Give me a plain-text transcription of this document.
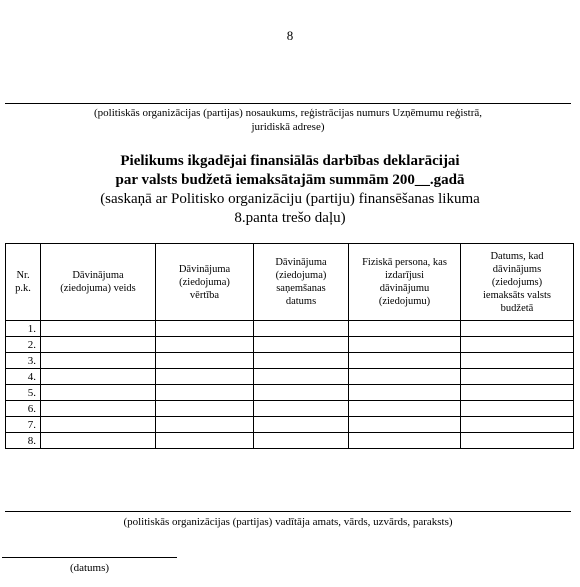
8
(politiskās organizācijas (partijas) nosaukums, reģistrācijas numurs Uzņēmumu reģistrā,
juridiskā adrese)
Pielikums ikgadējai finansiālās darbības deklarācijai
par valsts budžetā iemaksātajām summām 200__.gadā
(saskaņā ar Politisko organizāciju (partiju) finansēšanas likuma
8.panta trešo daļu)
Nr. p.k.	Dāvinājuma (ziedojuma) veids	Dāvinājuma (ziedojuma) vērtība	Dāvinājuma (ziedojuma) saņemšanas datums	Fiziskā persona, kas izdarījusi dāvinājumu (ziedojumu)	Datums, kad dāvinājums (ziedojums) iemaksāts valsts budžetā
1.					
2.					
3.					
4.					
5.					
6.					
7.					
8.					
(politiskās organizācijas (partijas) vadītāja amats, vārds, uzvārds, paraksts)
(datums)
